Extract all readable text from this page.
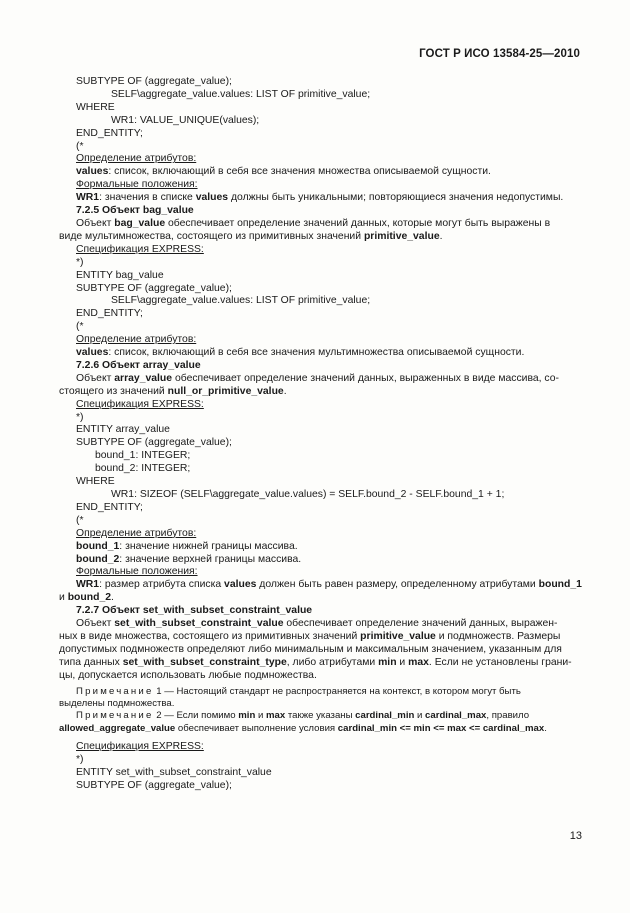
ГОСТ Р ИСО 13584-25—2010
SUBTYPE OF (aggregate_value);
SELF\aggregate_value.values: LIST OF primitive_value;
WHERE
WR1: VALUE_UNIQUE(values);
END_ENTITY;
(*
Определение атрибутов:
values: список, включающий в себя все значения множества описываемой сущности.
Формальные положения:
WR1: значения в списке values должны быть уникальными; повторяющиеся значения недопустимы.
7.2.5 Объект bag_value
Объект bag_value обеспечивает определение значений данных, которые могут быть выражены в
виде мультимножества, состоящего из примитивных значений primitive_value.
Спецификация EXPRESS:
*)
ENTITY bag_value
SUBTYPE OF (aggregate_value);
SELF\aggregate_value.values: LIST OF primitive_value;
END_ENTITY;
(*
Определение атрибутов:
values: список, включающий в себя все значения мультимножества описываемой сущности.
7.2.6 Объект array_value
Объект array_value обеспечивает определение значений данных, выраженных в виде массива, со-
стоящего из значений null_or_primitive_value.
Спецификация EXPRESS:
*)
ENTITY array_value
SUBTYPE OF (aggregate_value);
bound_1: INTEGER;
bound_2: INTEGER;
WHERE
WR1: SIZEOF (SELF\aggregate_value.values) = SELF.bound_2 - SELF.bound_1 + 1;
END_ENTITY;
(*
Определение атрибутов:
bound_1: значение нижней границы массива.
bound_2: значение верхней границы массива.
Формальные положения:
WR1: размер атрибута списка values должен быть равен размеру, определенному атрибутами bound_1
и bound_2.
7.2.7 Объект set_with_subset_constraint_value
Объект set_with_subset_constraint_value обеспечивает определение значений данных, выражен-
ных в виде множества, состоящего из примитивных значений primitive_value и подмножеств. Размеры
допустимых подмножеств определяют либо минимальным и максимальным значением, указанным для
типа данных set_with_subset_constraint_type, либо атрибутами min и max. Если не установлены грани-
цы, допускается использовать любые подмножества.
Примечание 1 — Настоящий стандарт не распространяется на контекст, в котором могут быть
выделены подмножества.
Примечание 2 — Если помимо min и max также указаны cardinal_min и cardinal_max, правило
allowed_aggregate_value обеспечивает выполнение условия cardinal_min <= min <= max <= cardinal_max.
Спецификация EXPRESS:
*)
ENTITY set_with_subset_constraint_value
SUBTYPE OF (aggregate_value);
13
